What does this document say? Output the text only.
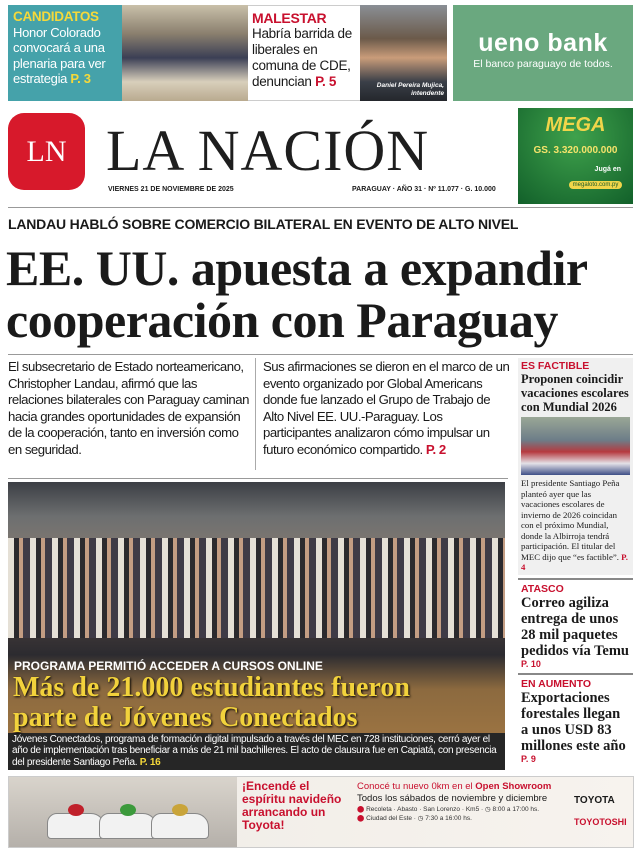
CANDIDATOS
Honor Colorado convocará a una plenaria para ver estrategia P. 3
MALESTAR
Habría barrida de liberales en comuna de CDE, denuncian P. 5	Daniel Pereira Mujica, intendente
ueno bank
El banco paraguayo de todos.
LN LA NACIÓN
VIERNES 21 DE NOVIEMBRE DE 2025	PARAGUAY · AÑO 31 · Nº 11.077 · G. 10.000
MEGA
GS. 3.320.000.000
Jugá en
megaloto.com.py
LANDAU HABLÓ SOBRE COMERCIO BILATERAL EN EVENTO DE ALTO NIVEL
EE. UU. apuesta a expandir
cooperación con Paraguay
El subsecretario de Estado norteamericano, Christopher Landau, afirmó que las relaciones bilaterales con Paraguay caminan hacia grandes oportunidades de expansión de la cooperación, tanto en inversión como en seguridad.
Sus afirmaciones se dieron en el marco de un evento organizado por Global Americans donde fue lanzado el Grupo de Trabajo de Alto Nivel EE. UU.-Paraguay. Los participantes analizaron cómo impulsar un futuro económico compartido. P. 2
ES FACTIBLE
Proponen coincidir vacaciones escolares con Mundial 2026
El presidente Santiago Peña planteó ayer que las vacaciones escolares de invierno de 2026 coincidan con el próximo Mundial, donde la Albirroja tendrá participación. El titular del MEC dijo que “es factible”. P. 4
ATASCO
Correo agiliza entrega de unos 28 mil paquetes pedidos vía Temu
P. 10
EN AUMENTO
Exportaciones forestales llegan a unos USD 83 millones este año
P. 9
PROGRAMA PERMITIÓ ACCEDER A CURSOS ONLINE
Más de 21.000 estudiantes fueron
parte de Jóvenes Conectados
Jóvenes Conectados, programa de formación digital impulsado a través del MEC en 728 instituciones, cerró ayer el año de implementación tras beneficiar a más de 21 mil bachilleres. El acto de clausura fue en Capiatá, con presencia del presidente Santiago Peña. P. 16
¡Encendé el espíritu navideño arrancando un Toyota!
Conocé tu nuevo 0km en el Open Showroom
Todos los sábados de noviembre y diciembre
⬤ Recoleta · Abasto · San Lorenzo · Km5 · ◷ 8:00 a 17:00 hs.
⬤ Ciudad del Este · ◷ 7:30 a 16:00 hs.
TOYOTA
TOYOTOSHI
